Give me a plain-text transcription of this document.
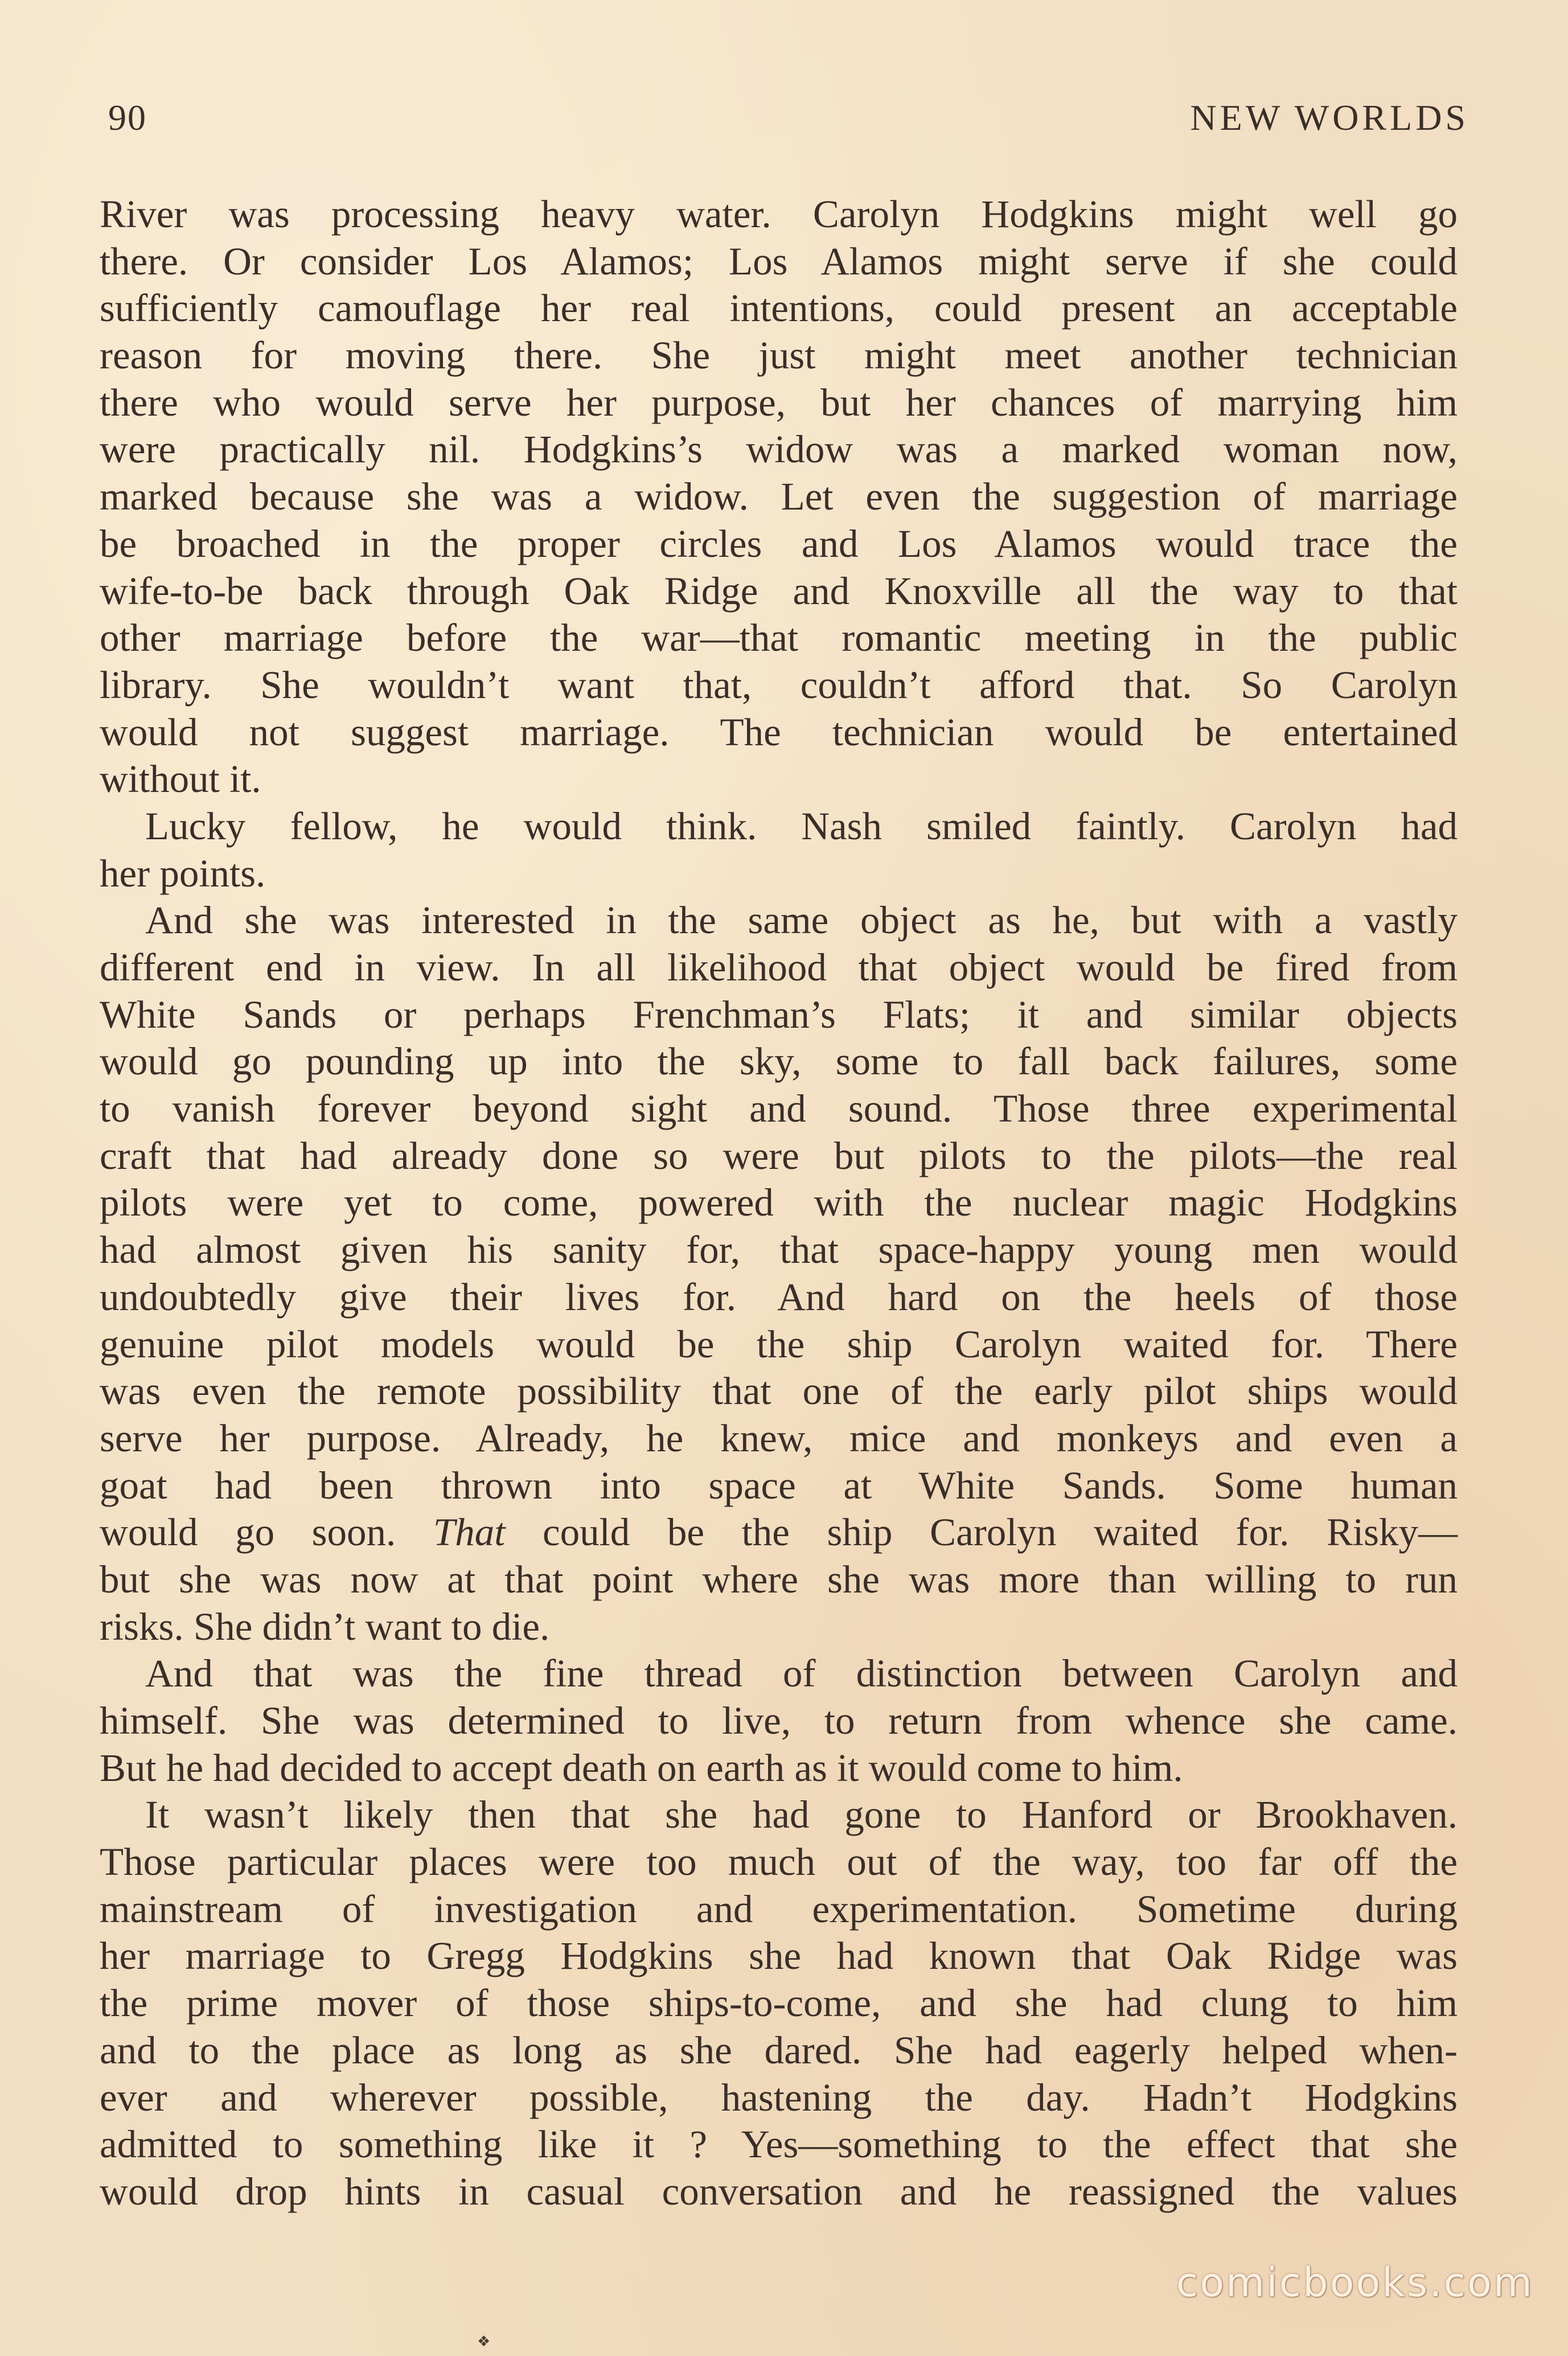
90	NEW WORLDS
River was processing heavy water. Carolyn Hodgkins might well go
there. Or consider Los Alamos; Los Alamos might serve if she could
sufficiently camouflage her real intentions, could present an acceptable
reason for moving there. She just might meet another technician
there who would serve her purpose, but her chances of marrying him
were practically nil. Hodgkins’s widow was a marked woman now,
marked because she was a widow. Let even the suggestion of marriage
be broached in the proper circles and Los Alamos would trace the
wife-to-be back through Oak Ridge and Knoxville all the way to that
other marriage before the war—that romantic meeting in the public
library. She wouldn’t want that, couldn’t afford that. So Carolyn
would not suggest marriage. The technician would be entertained
without it.
Lucky fellow, he would think. Nash smiled faintly. Carolyn had
her points.
And she was interested in the same object as he, but with a vastly
different end in view. In all likelihood that object would be fired from
White Sands or perhaps Frenchman’s Flats; it and similar objects
would go pounding up into the sky, some to fall back failures, some
to vanish forever beyond sight and sound. Those three experimental
craft that had already done so were but pilots to the pilots—the real
pilots were yet to come, powered with the nuclear magic Hodgkins
had almost given his sanity for, that space-happy young men would
undoubtedly give their lives for. And hard on the heels of those
genuine pilot models would be the ship Carolyn waited for. There
was even the remote possibility that one of the early pilot ships would
serve her purpose. Already, he knew, mice and monkeys and even a
goat had been thrown into space at White Sands. Some human
would go soon. That could be the ship Carolyn waited for. Risky—
but she was now at that point where she was more than willing to run
risks. She didn’t want to die.
And that was the fine thread of distinction between Carolyn and
himself. She was determined to live, to return from whence she came.
But he had decided to accept death on earth as it would come to him.
It wasn’t likely then that she had gone to Hanford or Brookhaven.
Those particular places were too much out of the way, too far off the
mainstream of investigation and experimentation. Sometime during
her marriage to Gregg Hodgkins she had known that Oak Ridge was
the prime mover of those ships-to-come, and she had clung to him
and to the place as long as she dared. She had eagerly helped when-
ever and wherever possible, hastening the day. Hadn’t Hodgkins
admitted to something like it ? Yes—something to the effect that she
would drop hints in casual conversation and he reassigned the values
❖
comicbooks.com
